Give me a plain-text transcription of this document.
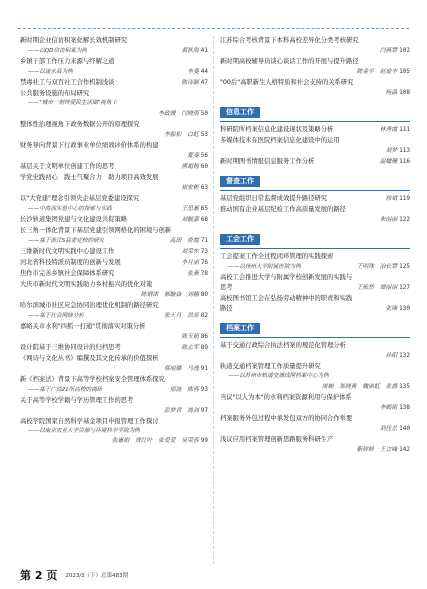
新时期企业信访积案化解长效机制研究
——以QD信访积案为例	黄秋海 41
乡镇干部工作压力来源与纾解之道
——以迷水县为例	李斐 44
禁毒社工与双百社工合作机制浅谈	陈诗颖 47
公共服务设施的布局研究
——"城市一刻钟便民生活圈"视角下
李政媛　闫晓雨 50
整体性治理视角下政务数据公开的原理探究
李振松　白虹 53
财务导向背景下行政事业单位绩效评价体系的构建
夏斐 56
基层关于文明单位创建工作的思考	熊超梅 60
学党史践初心　践士气聚合力　助力项目高效发展
崔宏彬 63
以"大党建"理念引领央企基层党委建设探究
——中海油实验中心的探索与实践	王思惠 65
长沙轨道集团党建与文化建设共促策略	刘毓嘉 68
长三角一体化背景下基层党建引领网格化的困境与创新
——基于浙江S县委党校的研究	高田　唐霞 71
三维新时代文明实践中心建设工作	刘荣东 73
河北省科技特派员制度的创新与发展	李月丽 76
焦作市完善乡镇社会保障体系研究	张燕 78
大庆市新时代文明实践助力乡村振兴的优化对策
陈钢诺　郝毓焱　刘楠 80
哈尔滨城市社区应急协同治理优化机制的路径研究
——基于社会网络分析	张天月　洪亮 82
嘉峪关市水利"四抓一打通"贯彻落实对策分析
陈玉娟 86
设计院基于三维协同设计的归档思考	陈志军 89
《网诗与文化丛书》编撰及其文化传承的价值探析
蔡丽娜　马逸 91
新《档案法》背景下高等学校档案安全管理体系探究
——基于广西21所高校的调研	邢涟　陈蓉 93
关于高等学校学籍与学历管理工作的思考
彭梦君　周剑 97
高校学院国家自然科学基金项目申报管理工作探讨
——以南京农业大学资源与环境科学学院为例
张惠娟　贾红叶　张爱爱　吴荣蓉 99
江苏综合考核背景下本科高校差异化分类考核研究
闫燕慧 102
新时期高校辅导员谈心谈话工作的开展与提升路径
陈金平　赵迪丰 105
"00后"高职新生人格特质和社会支持的关系研究
杨晶 108
信息工作
科研院所档案信息化建设现状及策略分析	林秀霞 111
多媒体技术在医院档案信息化建设中的运用
刘梦 113
新时期图书情报信息服务工作分析	温耀珊 116
督查工作
基层党组织日常监督成效提升路径研究	徐斌 119
推动国有企业基层纪检工作高质量发展的路径
朱丽丽 122
工会工作
工会提案工作全过程闭环管理的实践探索
——以扬州大学附属医院为例	王明珠　冶长慧 125
高校工会推进大学与附属学校创新发展的实践与
思考	王烁然　谭丽丽 127
高校图书馆工会在弘扬劳动精神中的职责和实践
路径	张缘 130
档案工作
基于交通行政综合执法档案的规范化管理分析
孙阳 132
轨道交通档案管理工作质量提升研究
——以苏州市轨道交通线网档案中心为例
周婉　邹晓爽　魏丽虹　张盛 135
当议"以人为本"的水利档案资源利用与保护体系
李鹤铭 138
档案服务外包过程中承发包双方的协同合作举要
刘佳艺 140
浅议应用档案管理创新思路服务科研生产
靳婷婷　王立峰 142
第 2 页 2023/3（下）总第483期
